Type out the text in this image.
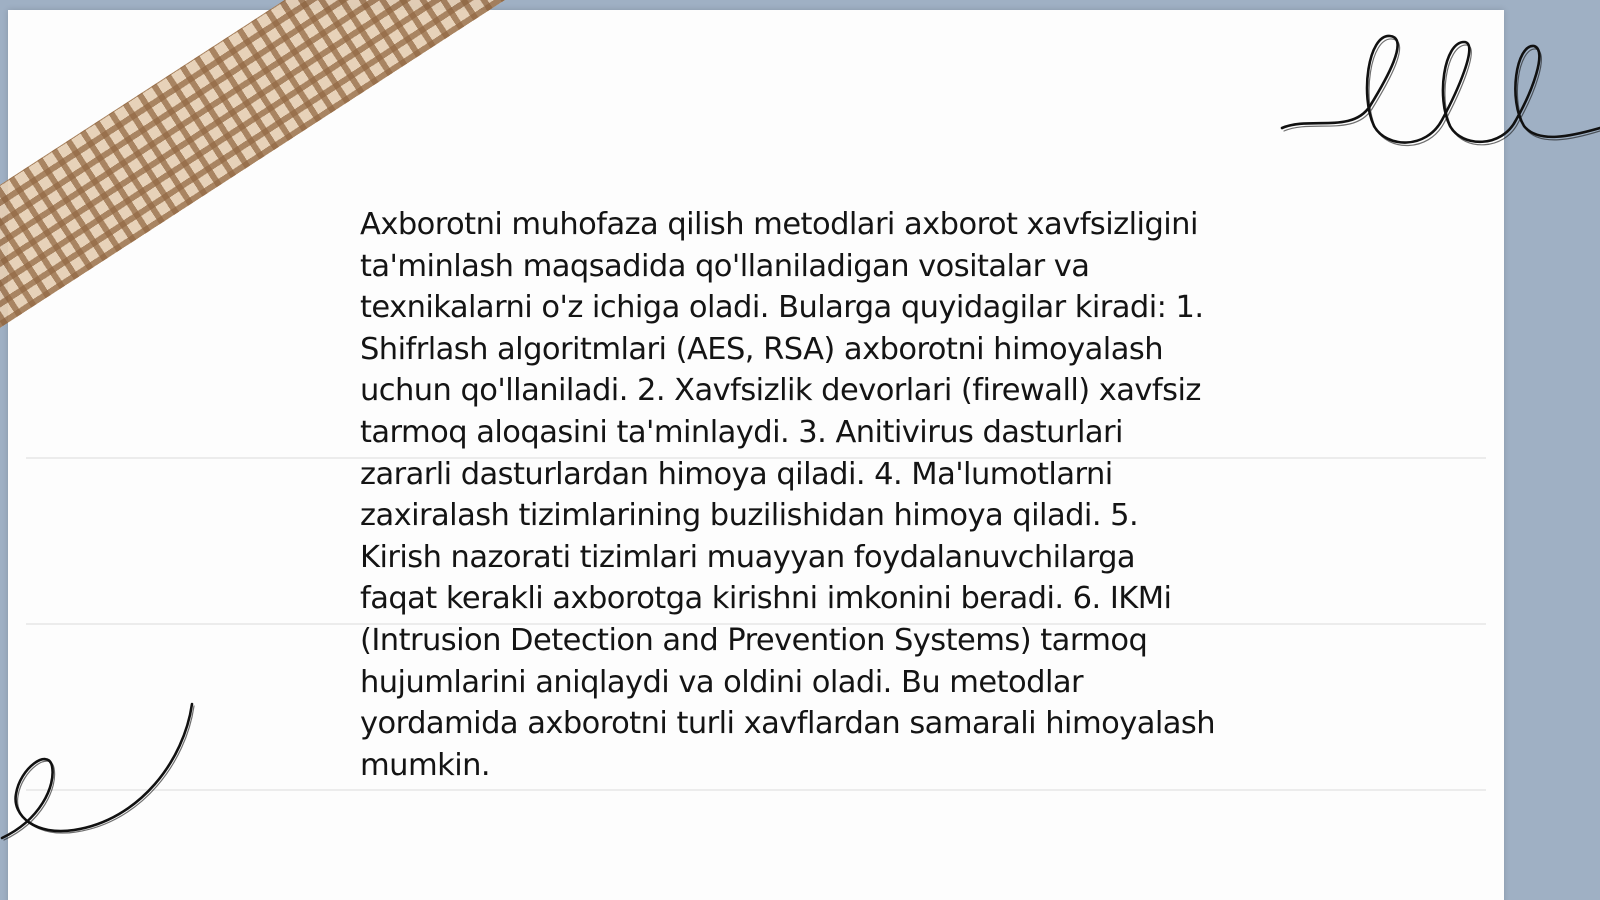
Axborotni muhofaza qilish metodlari axborot xavfsizligini ta'minlash maqsadida qo'llaniladigan vositalar va texnikalarni o'z ichiga oladi. Bularga quyidagilar kiradi: 1. Shifrlash algoritmlari (AES, RSA) axborotni himoyalash uchun qo'llaniladi. 2. Xavfsizlik devorlari (firewall) xavfsiz tarmoq aloqasini ta'minlaydi. 3. Anitivirus dasturlari zararli dasturlardan himoya qiladi. 4. Ma'lumotlarni zaxiralash tizimlarining buzilishidan himoya qiladi. 5. Kirish nazorati tizimlari muayyan foydalanuvchilarga faqat kerakli axborotga kirishni imkonini beradi. 6. IKMi (Intrusion Detection and Prevention Systems) tarmoq hujumlarini aniqlaydi va oldini oladi. Bu metodlar yordamida axborotni turli xavflardan samarali himoyalash mumkin.
